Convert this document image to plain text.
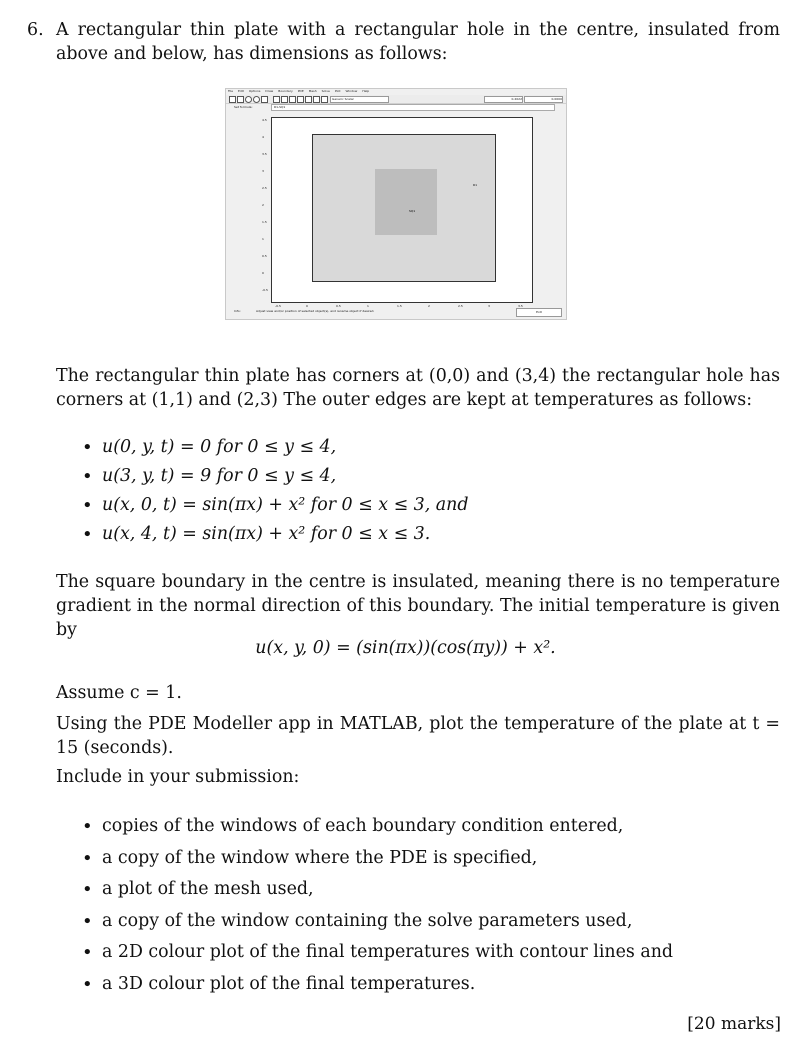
6. A rectangular thin plate with a rectangular hole in the centre, insulated from above and below, has dimensions as follows:
File Edit Options Draw Boundary PDE Mesh Solve Plot Window Help
Generic Scalar	0.2022	0.0000
Set formula:	R1-SQ1
SQ1
R1
4.5
4
3.5
3
2.5
2
1.5
1
0.5
0
-0.5
-0.5	0	0.5	1	1.5	2	2.5	3	3.5
Info:	Adjust view and/or position of selected object(s), and rename object if desired.	Exit
The rectangular thin plate has corners at (0,0) and (3,4) the rectangular hole has corners at (1,1) and (2,3) The outer edges are kept at temperatures as follows:
• u(0, y, t) = 0 for 0 ≤ y ≤ 4,
• u(3, y, t) = 9 for 0 ≤ y ≤ 4,
• u(x, 0, t) = sin(πx) + x² for 0 ≤ x ≤ 3, and
• u(x, 4, t) = sin(πx) + x² for 0 ≤ x ≤ 3.
The square boundary in the centre is insulated, meaning there is no temperature gradient in the normal direction of this boundary. The initial temperature is given by
u(x, y, 0) = (sin(πx))(cos(πy)) + x².
Assume c = 1.
Using the PDE Modeller app in MATLAB, plot the temperature of the plate at t = 15 (seconds).
Include in your submission:
• copies of the windows of each boundary condition entered,
• a copy of the window where the PDE is specified,
• a plot of the mesh used,
• a copy of the window containing the solve parameters used,
• a 2D colour plot of the final temperatures with contour lines and
• a 3D colour plot of the final temperatures.
[20 marks]
